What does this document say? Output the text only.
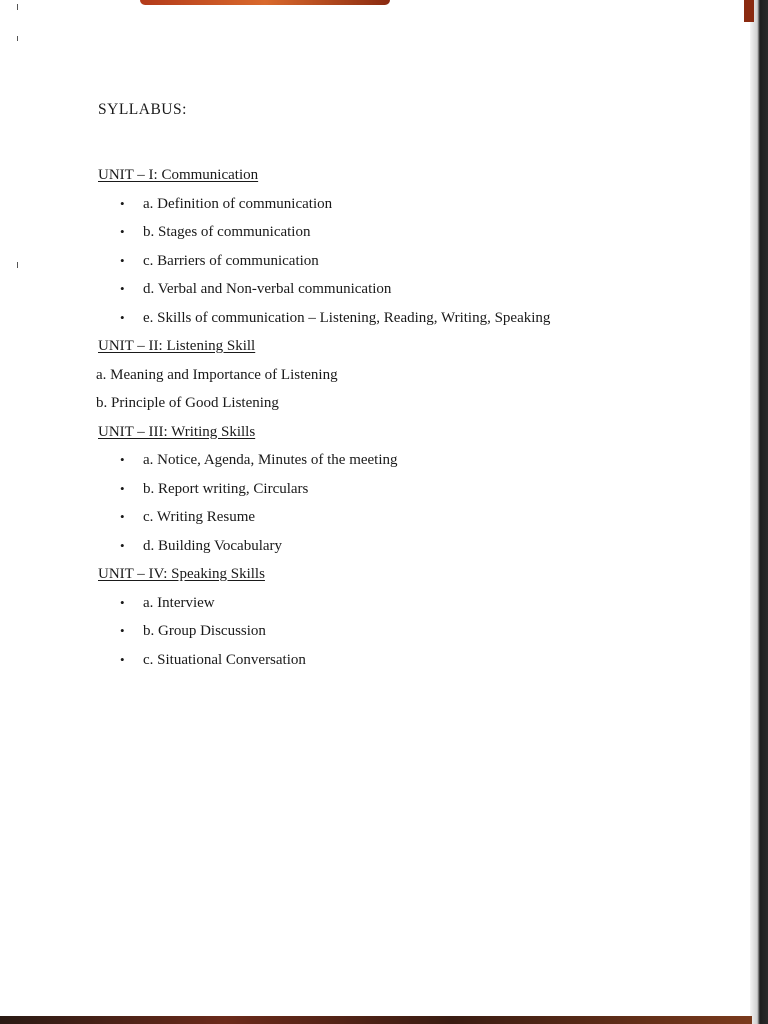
SYLLABUS:
UNIT – I: Communication
• a. Definition of communication
• b. Stages of communication
• c. Barriers of communication
• d. Verbal and Non-verbal communication
• e. Skills of communication – Listening, Reading, Writing, Speaking
UNIT – II: Listening Skill
a. Meaning and Importance of Listening
b. Principle of Good Listening
UNIT – III: Writing Skills
• a. Notice, Agenda, Minutes of the meeting
• b. Report writing, Circulars
• c. Writing Resume
• d. Building Vocabulary
UNIT – IV: Speaking Skills
• a. Interview
• b. Group Discussion
• c. Situational Conversation
